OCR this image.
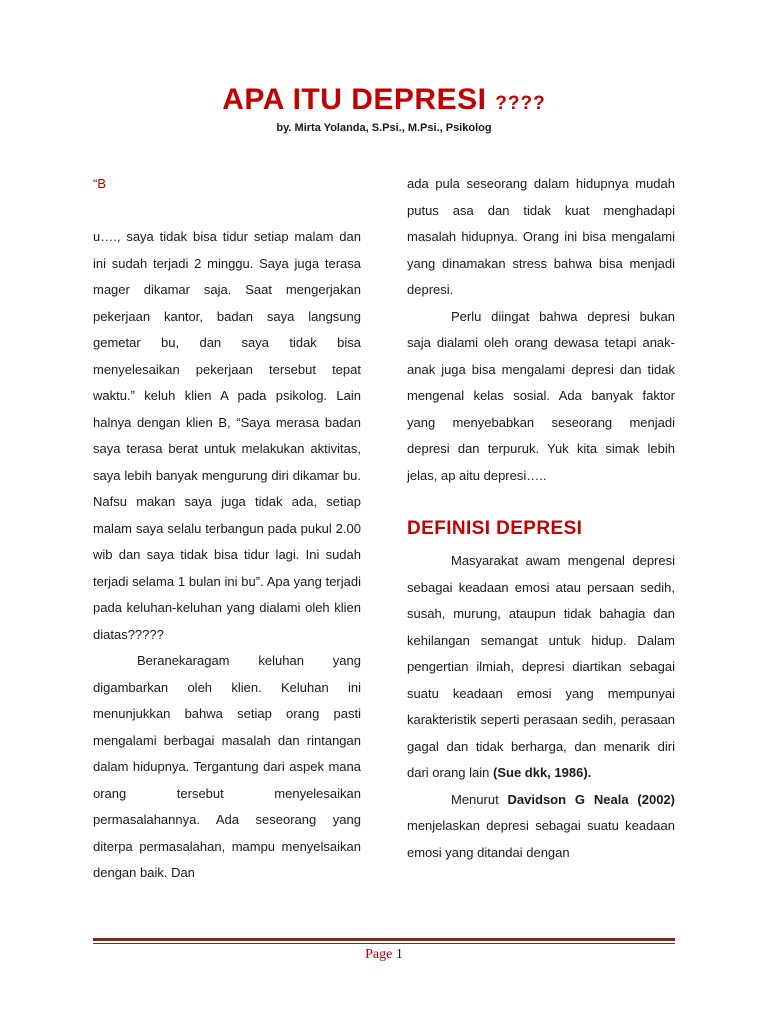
APA ITU DEPRESI ????
by. Mirta Yolanda, S.Psi., M.Psi., Psikolog

“B

u…., saya tidak bisa tidur setiap malam dan ini sudah terjadi 2 minggu. Saya juga terasa mager dikamar saja. Saat mengerjakan pekerjaan kantor, badan saya langsung gemetar bu, dan saya tidak bisa menyelesaikan pekerjaan tersebut tepat waktu.” keluh klien A pada psikolog. Lain halnya dengan klien B, “Saya merasa badan saya terasa berat untuk melakukan aktivitas, saya lebih banyak mengurung diri dikamar bu. Nafsu makan saya juga tidak ada, setiap malam saya selalu terbangun pada pukul 2.00 wib dan saya tidak bisa tidur lagi. Ini sudah terjadi selama 1 bulan ini bu”. Apa yang terjadi pada keluhan-keluhan yang dialami oleh klien diatas?????

Beranekaragam keluhan yang digambarkan oleh klien. Keluhan ini menunjukkan bahwa setiap orang pasti mengalami berbagai masalah dan rintangan dalam hidupnya. Tergantung dari aspek mana orang tersebut menyelesaikan permasalahannya. Ada seseorang yang diterpa permasalahan, mampu menyelsaikan dengan baik. Dan

ada pula seseorang dalam hidupnya mudah putus asa dan tidak kuat menghadapi masalah hidupnya. Orang ini bisa mengalami yang dinamakan stress bahwa bisa menjadi depresi.

Perlu diingat bahwa depresi bukan saja dialami oleh orang dewasa tetapi anak-anak juga bisa mengalami depresi dan tidak mengenal kelas sosial. Ada banyak faktor yang menyebabkan seseorang menjadi depresi dan terpuruk. Yuk kita simak lebih jelas, ap aitu depresi…..

DEFINISI DEPRESI

Masyarakat awam mengenal depresi sebagai keadaan emosi atau persaan sedih, susah, murung, ataupun tidak bahagia dan kehilangan semangat untuk hidup. Dalam pengertian ilmiah, depresi diartikan sebagai suatu keadaan emosi yang mempunyai karakteristik seperti perasaan sedih, perasaan gagal dan tidak berharga, dan menarik diri dari orang lain (Sue dkk, 1986).

Menurut Davidson G Neala (2002) menjelaskan depresi sebagai suatu keadaan emosi yang ditandai dengan

Page 1
